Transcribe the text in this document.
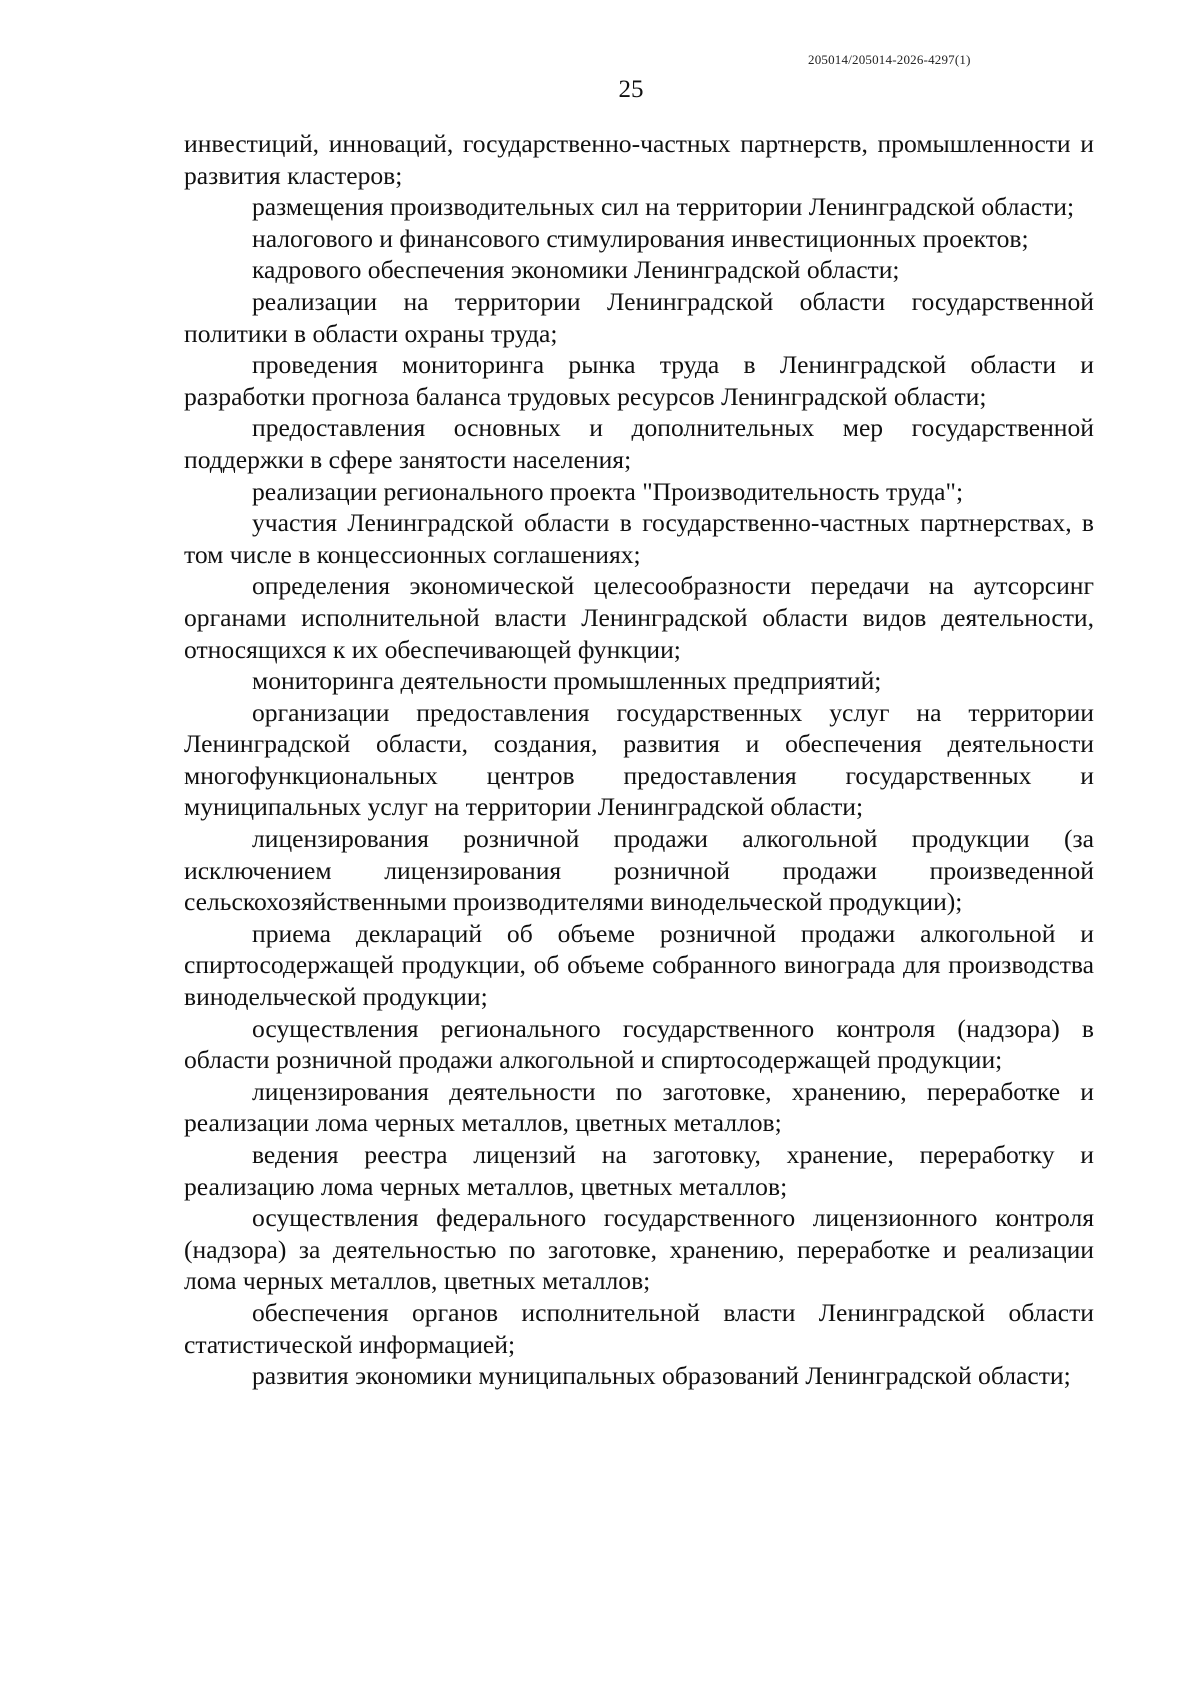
205014/205014-2026-4297(1)
25

инвестиций, инноваций, государственно-частных партнерств, промышленности и развития кластеров;

размещения производительных сил на территории Ленинградской области;

налогового и финансового стимулирования инвестиционных проектов;

кадрового обеспечения экономики Ленинградской области;

реализации на территории Ленинградской области государственной политики в области охраны труда;

проведения мониторинга рынка труда в Ленинградской области и разработки прогноза баланса трудовых ресурсов Ленинградской области;

предоставления основных и дополнительных мер государственной поддержки в сфере занятости населения;

реализации регионального проекта "Производительность труда";

участия Ленинградской области в государственно-частных партнерствах, в том числе в концессионных соглашениях;

определения экономической целесообразности передачи на аутсорсинг органами исполнительной власти Ленинградской области видов деятельности, относящихся к их обеспечивающей функции;

мониторинга деятельности промышленных предприятий;

организации предоставления государственных услуг на территории Ленинградской области, создания, развития и обеспечения деятельности многофункциональных центров предоставления государственных и муниципальных услуг на территории Ленинградской области;

лицензирования розничной продажи алкогольной продукции (за исключением лицензирования розничной продажи произведенной сельскохозяйственными производителями винодельческой продукции);

приема деклараций об объеме розничной продажи алкогольной и спиртосодержащей продукции, об объеме собранного винограда для производства винодельческой продукции;

осуществления регионального государственного контроля (надзора) в области розничной продажи алкогольной и спиртосодержащей продукции;

лицензирования деятельности по заготовке, хранению, переработке и реализации лома черных металлов, цветных металлов;

ведения реестра лицензий на заготовку, хранение, переработку и реализацию лома черных металлов, цветных металлов;

осуществления федерального государственного лицензионного контроля (надзора) за деятельностью по заготовке, хранению, переработке и реализации лома черных металлов, цветных металлов;

обеспечения органов исполнительной власти Ленинградской области статистической информацией;

развития экономики муниципальных образований Ленинградской области;
